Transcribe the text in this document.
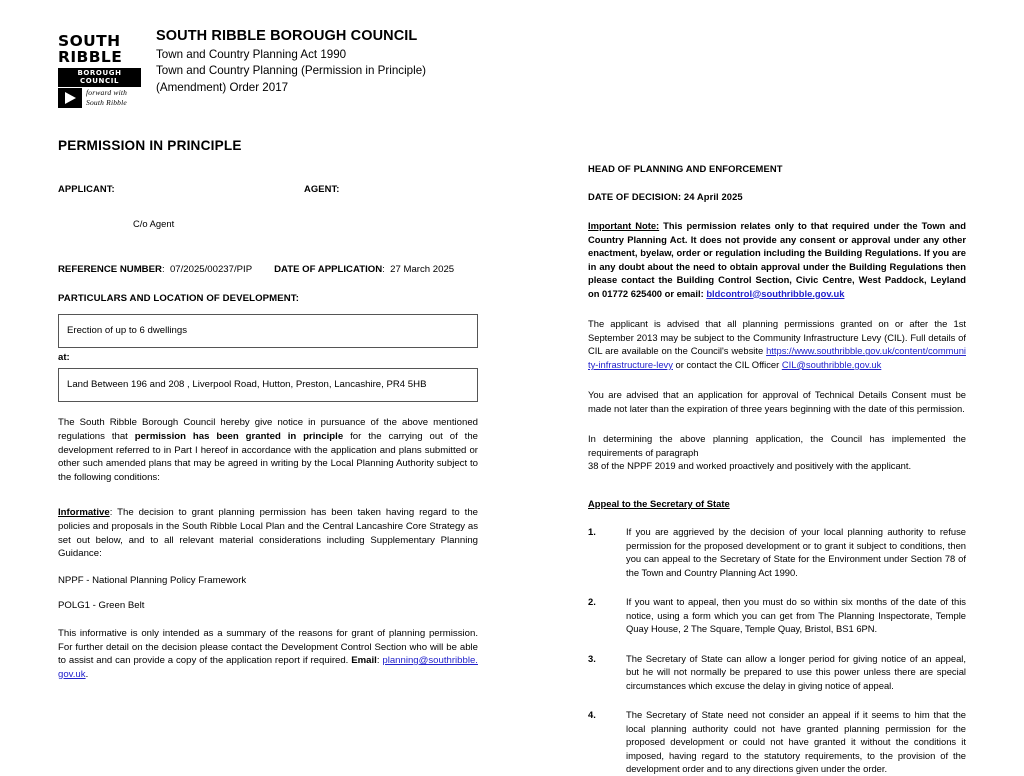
SOUTH
RIBBLE
BOROUGH COUNCIL
forward with
South Ribble
SOUTH RIBBLE BOROUGH COUNCIL
Town and Country Planning Act 1990
Town and Country Planning (Permission in Principle)
(Amendment) Order 2017
PERMISSION IN PRINCIPLE
APPLICANT:	AGENT:
C/o Agent
REFERENCE NUMBER:  07/2025/00237/PIP DATE OF APPLICATION:  27 March 2025
PARTICULARS AND LOCATION OF DEVELOPMENT:
Erection of up to 6 dwellings
at:
Land Between 196 and 208 , Liverpool Road, Hutton, Preston, Lancashire, PR4 5HB
The South Ribble Borough Council hereby give notice in pursuance of the above mentioned regulations that permission has been granted in principle for the carrying out of the development referred to in Part I hereof in accordance with the application and plans submitted or other such amended plans that may be agreed in writing by the Local Planning Authority subject to the following conditions:
Informative: The decision to grant planning permission has been taken having regard to the policies and proposals in the South Ribble Local Plan and the Central Lancashire Core Strategy as set out below, and to all relevant material considerations including Supplementary Planning Guidance:
NPPF - National Planning Policy Framework
POLG1 - Green Belt
This informative is only intended as a summary of the reasons for grant of planning permission. For further detail on the decision please contact the Development Control Section who will be able to assist and can provide a copy of the application report if required. Email: planning@southribble.gov.uk.
HEAD OF PLANNING AND ENFORCEMENT
DATE OF DECISION: 24 April 2025
Important Note: This permission relates only to that required under the Town and Country Planning Act. It does not provide any consent or approval under any other enactment, byelaw, order or regulation including the Building Regulations. If you are in any doubt about the need to obtain approval under the Building Regulations then please contact the Building Control Section, Civic Centre, West Paddock, Leyland on 01772 625400 or email: bldcontrol@southribble.gov.uk
The applicant is advised that all planning permissions granted on or after the 1st September 2013 may be subject to the Community Infrastructure Levy (CIL). Full details of CIL are available on the Council's website https://www.southribble.gov.uk/content/community-infrastructure-levy or contact the CIL Officer CIL@southribble.gov.uk
You are advised that an application for approval of Technical Details Consent must be made not later than the expiration of three years beginning with the date of this permission.
In determining the above planning application, the Council has implemented the requirements of paragraph
38 of the NPPF 2019 and worked proactively and positively with the applicant.
Appeal to the Secretary of State
1.	If you are aggrieved by the decision of your local planning authority to refuse permission for the proposed development or to grant it subject to conditions, then you can appeal to the Secretary of State for the Environment under Section 78 of the Town and Country Planning Act 1990.
2.	If you want to appeal, then you must do so within six months of the date of this notice, using a form which you can get from The Planning Inspectorate, Temple Quay House, 2 The Square, Temple Quay, Bristol, BS1 6PN.
3.	The Secretary of State can allow a longer period for giving notice of an appeal, but he will not normally be prepared to use this power unless there are special circumstances which excuse the delay in giving notice of appeal.
4.	The Secretary of State need not consider an appeal if it seems to him that the local planning authority could not have granted planning permission for the proposed development or could not have granted it without the conditions it imposed, having regard to the statutory requirements, to the provision of the development order and to any directions given under the order.
